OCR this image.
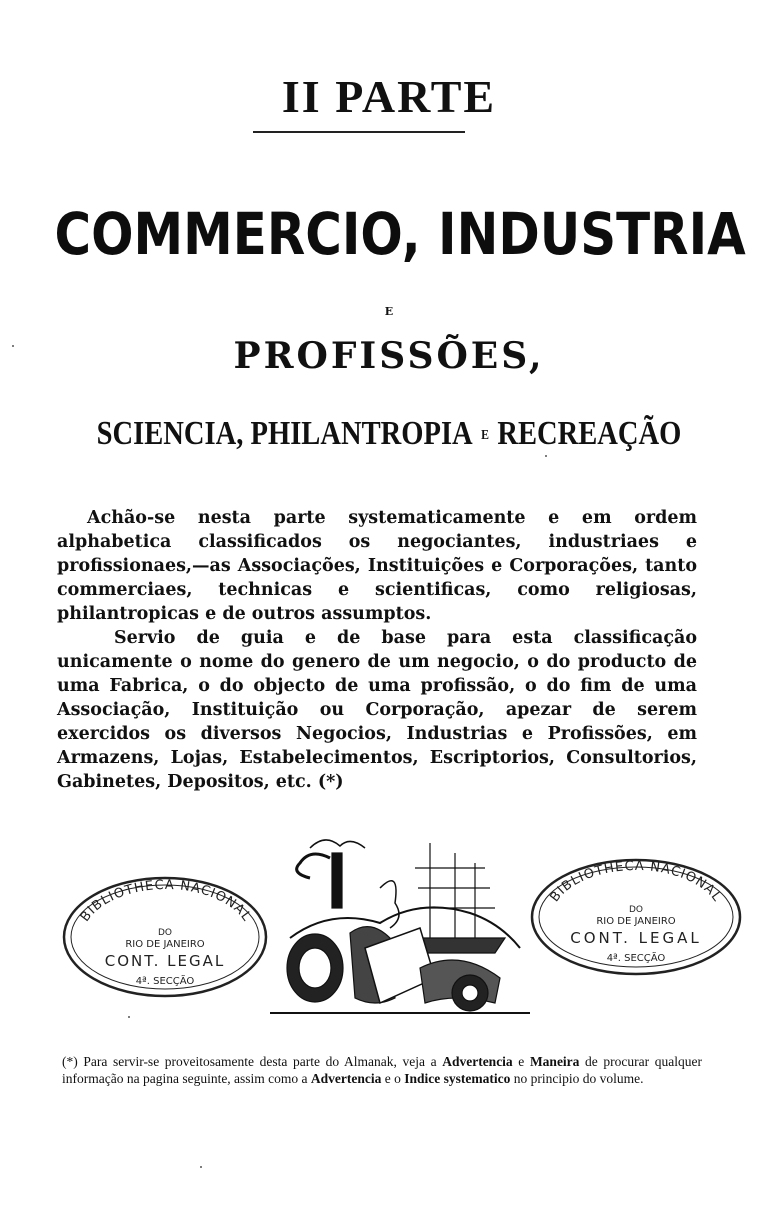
II PARTE
COMMERCIO, INDUSTRIA
E
PROFISSÕES,
SCIENCIA, PHILANTROPIA E RECREAÇÃO

Achão-se nesta parte systematicamente e em ordem alphabetica classificados os negociantes, industriaes e profissionaes,—as Associações, Instituições e Corporações, tanto commerciaes, technicas e scientificas, como religiosas, philantropicas e de outros assumptos.

Servio de guia e de base para esta classificação unicamente o nome do genero de um negocio, o do producto de uma Fabrica, o do objecto de uma profissão, o do fim de uma Associação, Instituição ou Corporação, apezar de serem exercidos os diversos Negocios, Industrias e Profissões, em Armazens, Lojas, Estabelecimentos, Escriptorios, Consultorios, Gabinetes, Depositos, etc. (*)

BIBLIOTHECA NACIONAL
DO
RIO DE JANEIRO
CONT. LEGAL
4ª. SECÇÃO
BIBLIOTHECA NACIONAL
DO
RIO DE JANEIRO
CONT. LEGAL
4ª. SECÇÃO

(*) Para servir-se proveitosamente desta parte do Almanak, veja a Advertencia e Maneira de procurar qualquer informação na pagina seguinte, assim como a Advertencia e o Indice systematico no principio do volume.
